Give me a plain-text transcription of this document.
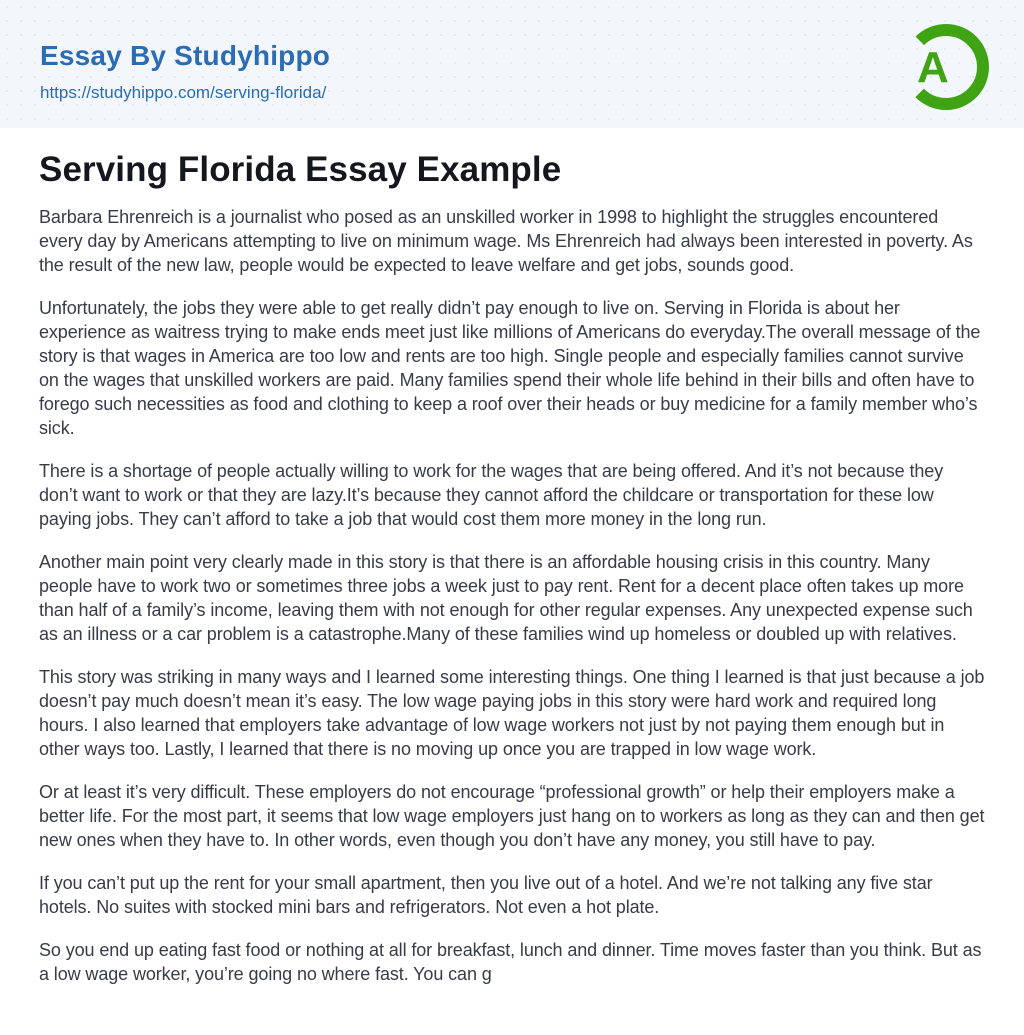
Essay By Studyhippo
https://studyhippo.com/serving-florida/
A
Serving Florida Essay Example

Barbara Ehrenreich is a journalist who posed as an unskilled worker in 1998 to highlight the struggles encountered every day by Americans attempting to live on minimum wage. Ms Ehrenreich had always been interested in poverty. As the result of the new law, people would be expected to leave welfare and get jobs, sounds good.

Unfortunately, the jobs they were able to get really didn’t pay enough to live on. Serving in Florida is about her experience as waitress trying to make ends meet just like millions of Americans do everyday.The overall message of the story is that wages in America are too low and rents are too high. Single people and especially families cannot survive on the wages that unskilled workers are paid. Many families spend their whole life behind in their bills and often have to forego such necessities as food and clothing to keep a roof over their heads or buy medicine for a family member who’s sick.

There is a shortage of people actually willing to work for the wages that are being offered. And it’s not because they don’t want to work or that they are lazy.It’s because they cannot afford the childcare or transportation for these low paying jobs. They can’t afford to take a job that would cost them more money in the long run.

Another main point very clearly made in this story is that there is an affordable housing crisis in this country. Many people have to work two or sometimes three jobs a week just to pay rent. Rent for a decent place often takes up more than half of a family’s income, leaving them with not enough for other regular expenses. Any unexpected expense such as an illness or a car problem is a catastrophe.Many of these families wind up homeless or doubled up with relatives.

This story was striking in many ways and I learned some interesting things. One thing I learned is that just because a job doesn’t pay much doesn’t mean it’s easy. The low wage paying jobs in this story were hard work and required long hours. I also learned that employers take advantage of low wage workers not just by not paying them enough but in other ways too. Lastly, I learned that there is no moving up once you are trapped in low wage work.

Or at least it’s very difficult. These employers do not encourage “professional growth” or help their employers make a better life. For the most part, it seems that low wage employers just hang on to workers as long as they can and then get new ones when they have to. In other words, even though you don’t have any money, you still have to pay.

If you can’t put up the rent for your small apartment, then you live out of a hotel. And we’re not talking any five star hotels. No suites with stocked mini bars and refrigerators. Not even a hot plate.

So you end up eating fast food or nothing at all for breakfast, lunch and dinner. Time moves faster than you think. But as a low wage worker, you’re going no where fast. You can g
